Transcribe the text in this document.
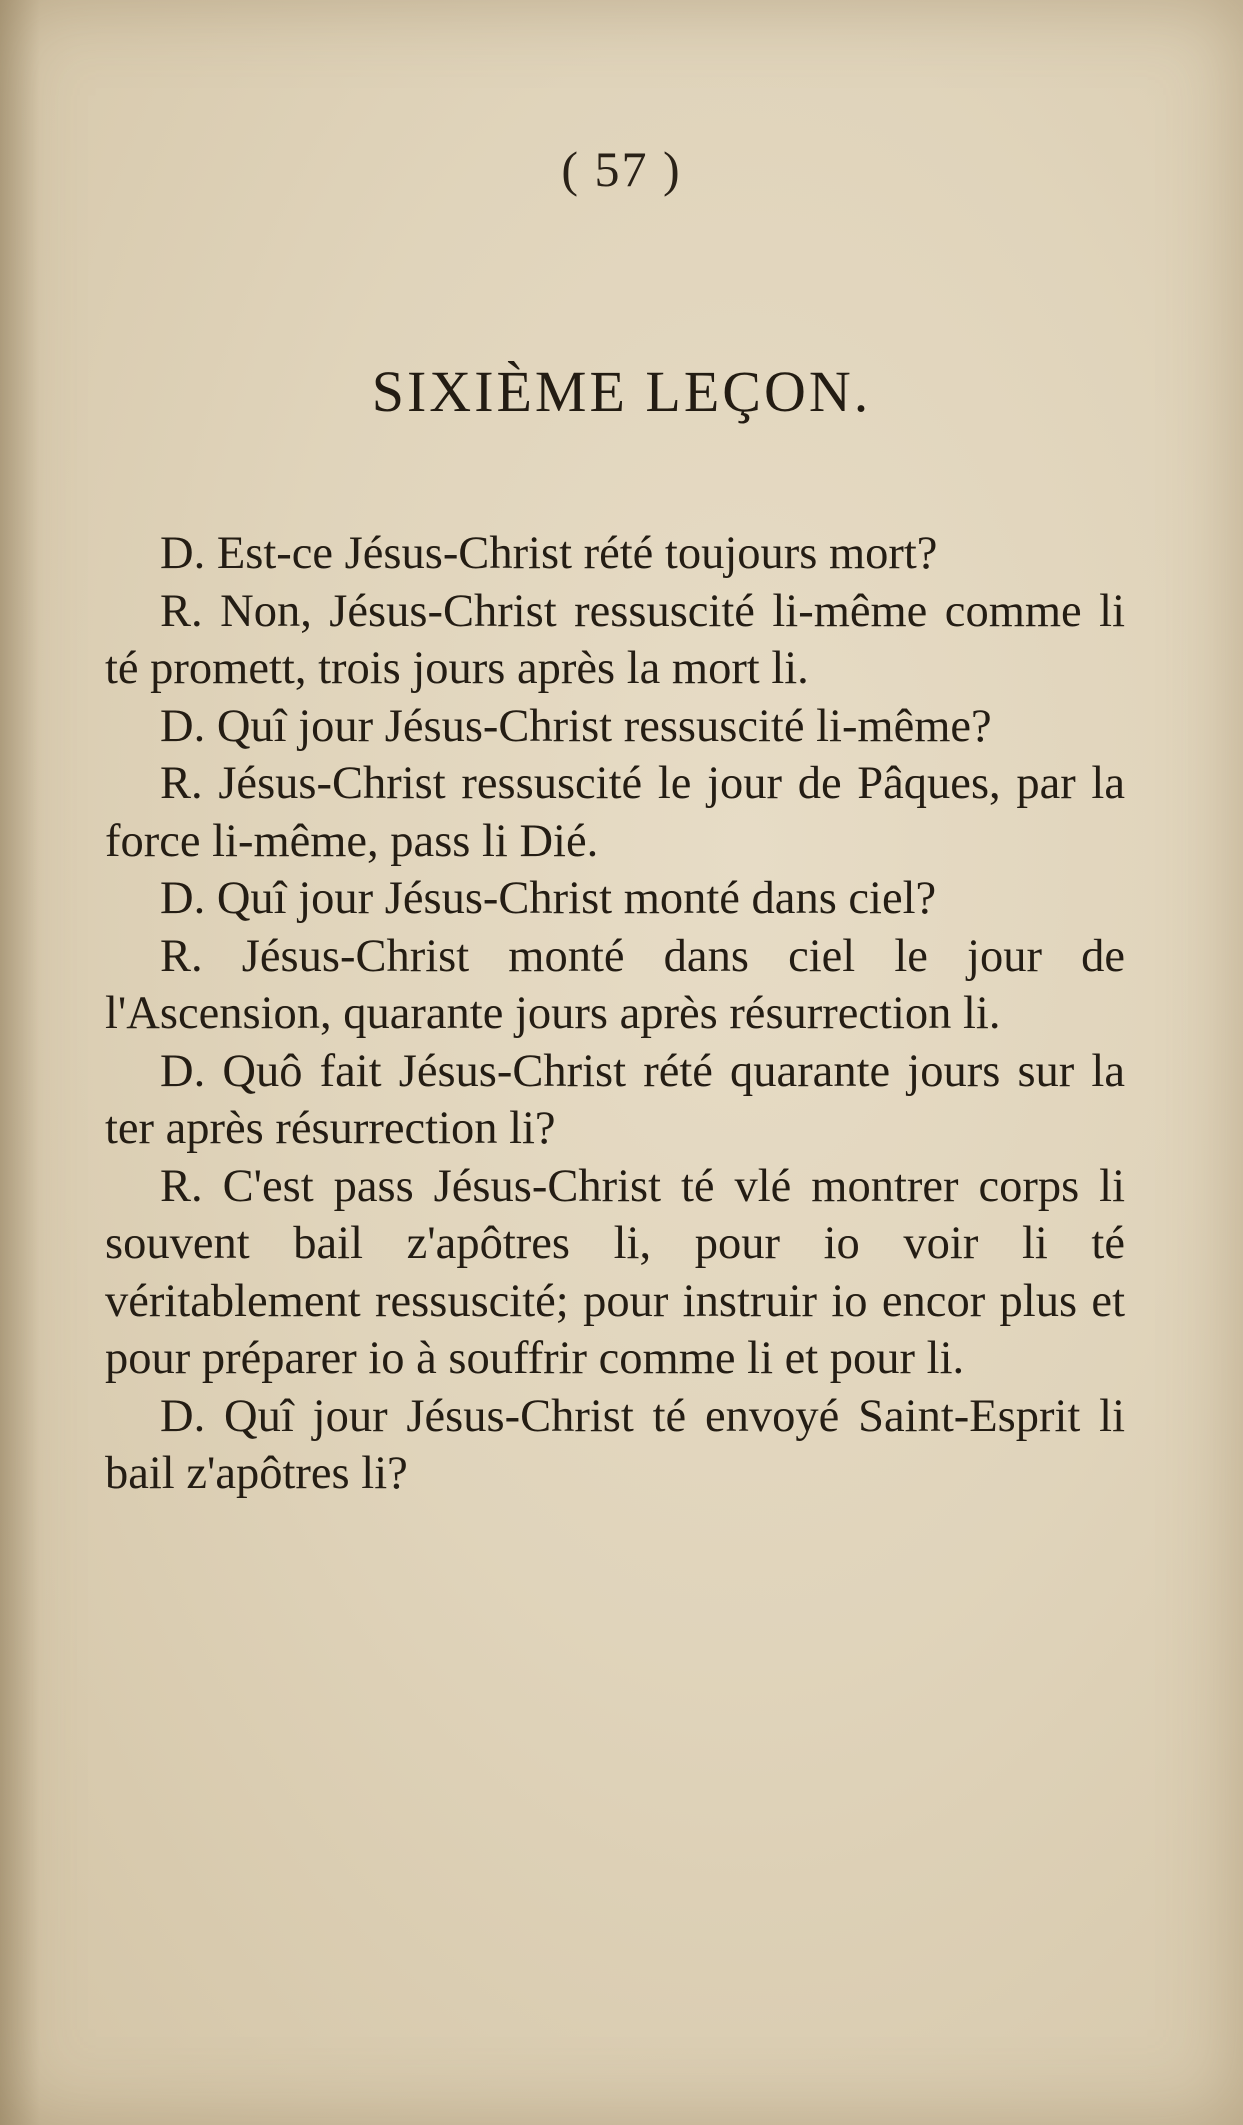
( 57 )
SIXIÈME LEÇON.

D. Est-ce Jésus-Christ rété toujours mort?

R. Non, Jésus-Christ ressuscité li-même comme li té promett, trois jours après la mort li.

D. Quî jour Jésus-Christ ressuscité li-même?

R. Jésus-Christ ressuscité le jour de Pâques, par la force li-même, pass li Dié.

D. Quî jour Jésus-Christ monté dans ciel?

R. Jésus-Christ monté dans ciel le jour de l'Ascension, quarante jours après résurrection li.

D. Quô fait Jésus-Christ rété quarante jours sur la ter après résurrection li?

R. C'est pass Jésus-Christ té vlé montrer corps li souvent bail z'apôtres li, pour io voir li té véritablement ressuscité; pour instruir io encor plus et pour préparer io à souffrir comme li et pour li.

D. Quî jour Jésus-Christ té envoyé Saint-Esprit li bail z'apôtres li?
